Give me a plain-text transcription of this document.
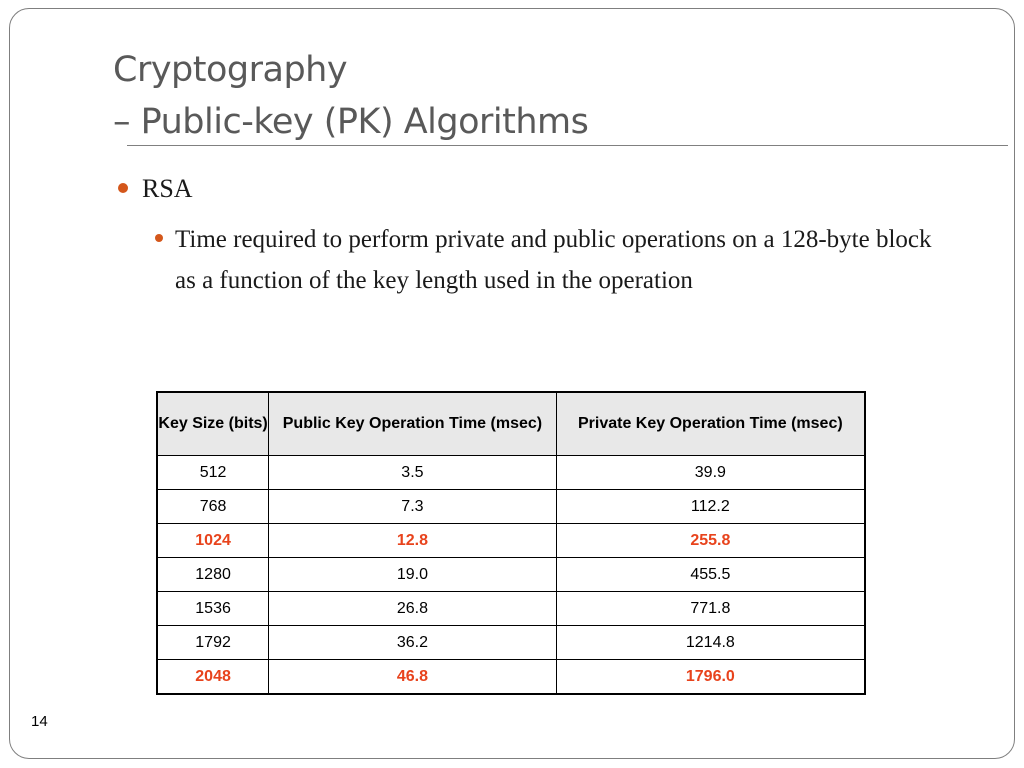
Cryptography
– Public-key (PK) Algorithms
RSA
Time required to perform private and public operations on a 128-byte block as a function of the key length used in the operation
Key Size (bits)	Public Key Operation Time (msec)	Private Key Operation Time (msec)
512	3.5	39.9
768	7.3	112.2
1024	12.8	255.8
1280	19.0	455.5
1536	26.8	771.8
1792	36.2	1214.8
2048	46.8	1796.0
14
